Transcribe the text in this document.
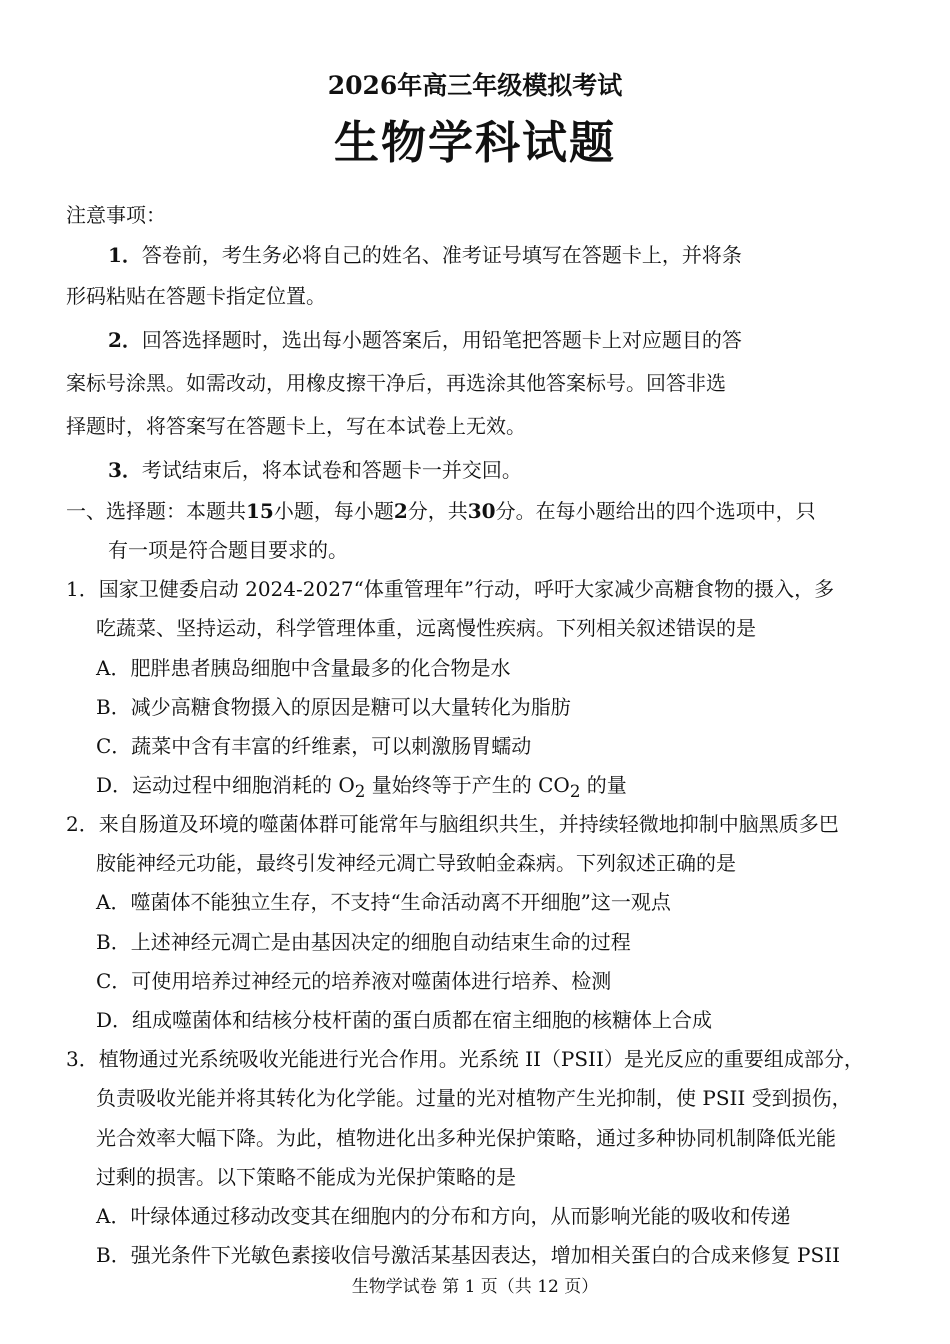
2026年高三年级模拟考试
生物学科试题
注意事项：
1．答卷前，考生务必将自己的姓名、准考证号填写在答题卡上，并将条
形码粘贴在答题卡指定位置。
2．回答选择题时，选出每小题答案后，用铅笔把答题卡上对应题目的答
案标号涂黑。如需改动，用橡皮擦干净后，再选涂其他答案标号。回答非选
择题时，将答案写在答题卡上，写在本试卷上无效。
3．考试结束后，将本试卷和答题卡一并交回。
一、选择题：本题共15小题，每小题2分，共30分。在每小题给出的四个选项中，只
有一项是符合题目要求的。
1．国家卫健委启动 2024-2027“体重管理年”行动，呼吁大家减少高糖食物的摄入，多
吃蔬菜、坚持运动，科学管理体重，远离慢性疾病。下列相关叙述错误的是
A．肥胖患者胰岛细胞中含量最多的化合物是水
B．减少高糖食物摄入的原因是糖可以大量转化为脂肪
C．蔬菜中含有丰富的纤维素，可以刺激肠胃蠕动
D．运动过程中细胞消耗的 $O_2$ 量始终等于产生的 $CO_2$ 的量
2．来自肠道及环境的噬菌体群可能常年与脑组织共生，并持续轻微地抑制中脑黑质多巴
胺能神经元功能，最终引发神经元凋亡导致帕金森病。下列叙述正确的是
A．噬菌体不能独立生存，不支持“生命活动离不开细胞”这一观点
B．上述神经元凋亡是由基因决定的细胞自动结束生命的过程
C．可使用培养过神经元的培养液对噬菌体进行培养、检测
D．组成噬菌体和结核分枝杆菌的蛋白质都在宿主细胞的核糖体上合成
3．植物通过光系统吸收光能进行光合作用。光系统 II（PSII）是光反应的重要组成部分，
负责吸收光能并将其转化为化学能。过量的光对植物产生光抑制，使 PSII 受到损伤，
光合效率大幅下降。为此，植物进化出多种光保护策略，通过多种协同机制降低光能
过剩的损害。以下策略不能成为光保护策略的是
A．叶绿体通过移动改变其在细胞内的分布和方向，从而影响光能的吸收和传递
B．强光条件下光敏色素接收信号激活某基因表达，增加相关蛋白的合成来修复 PSII
生物学试卷 第 1 页（共 12 页）
